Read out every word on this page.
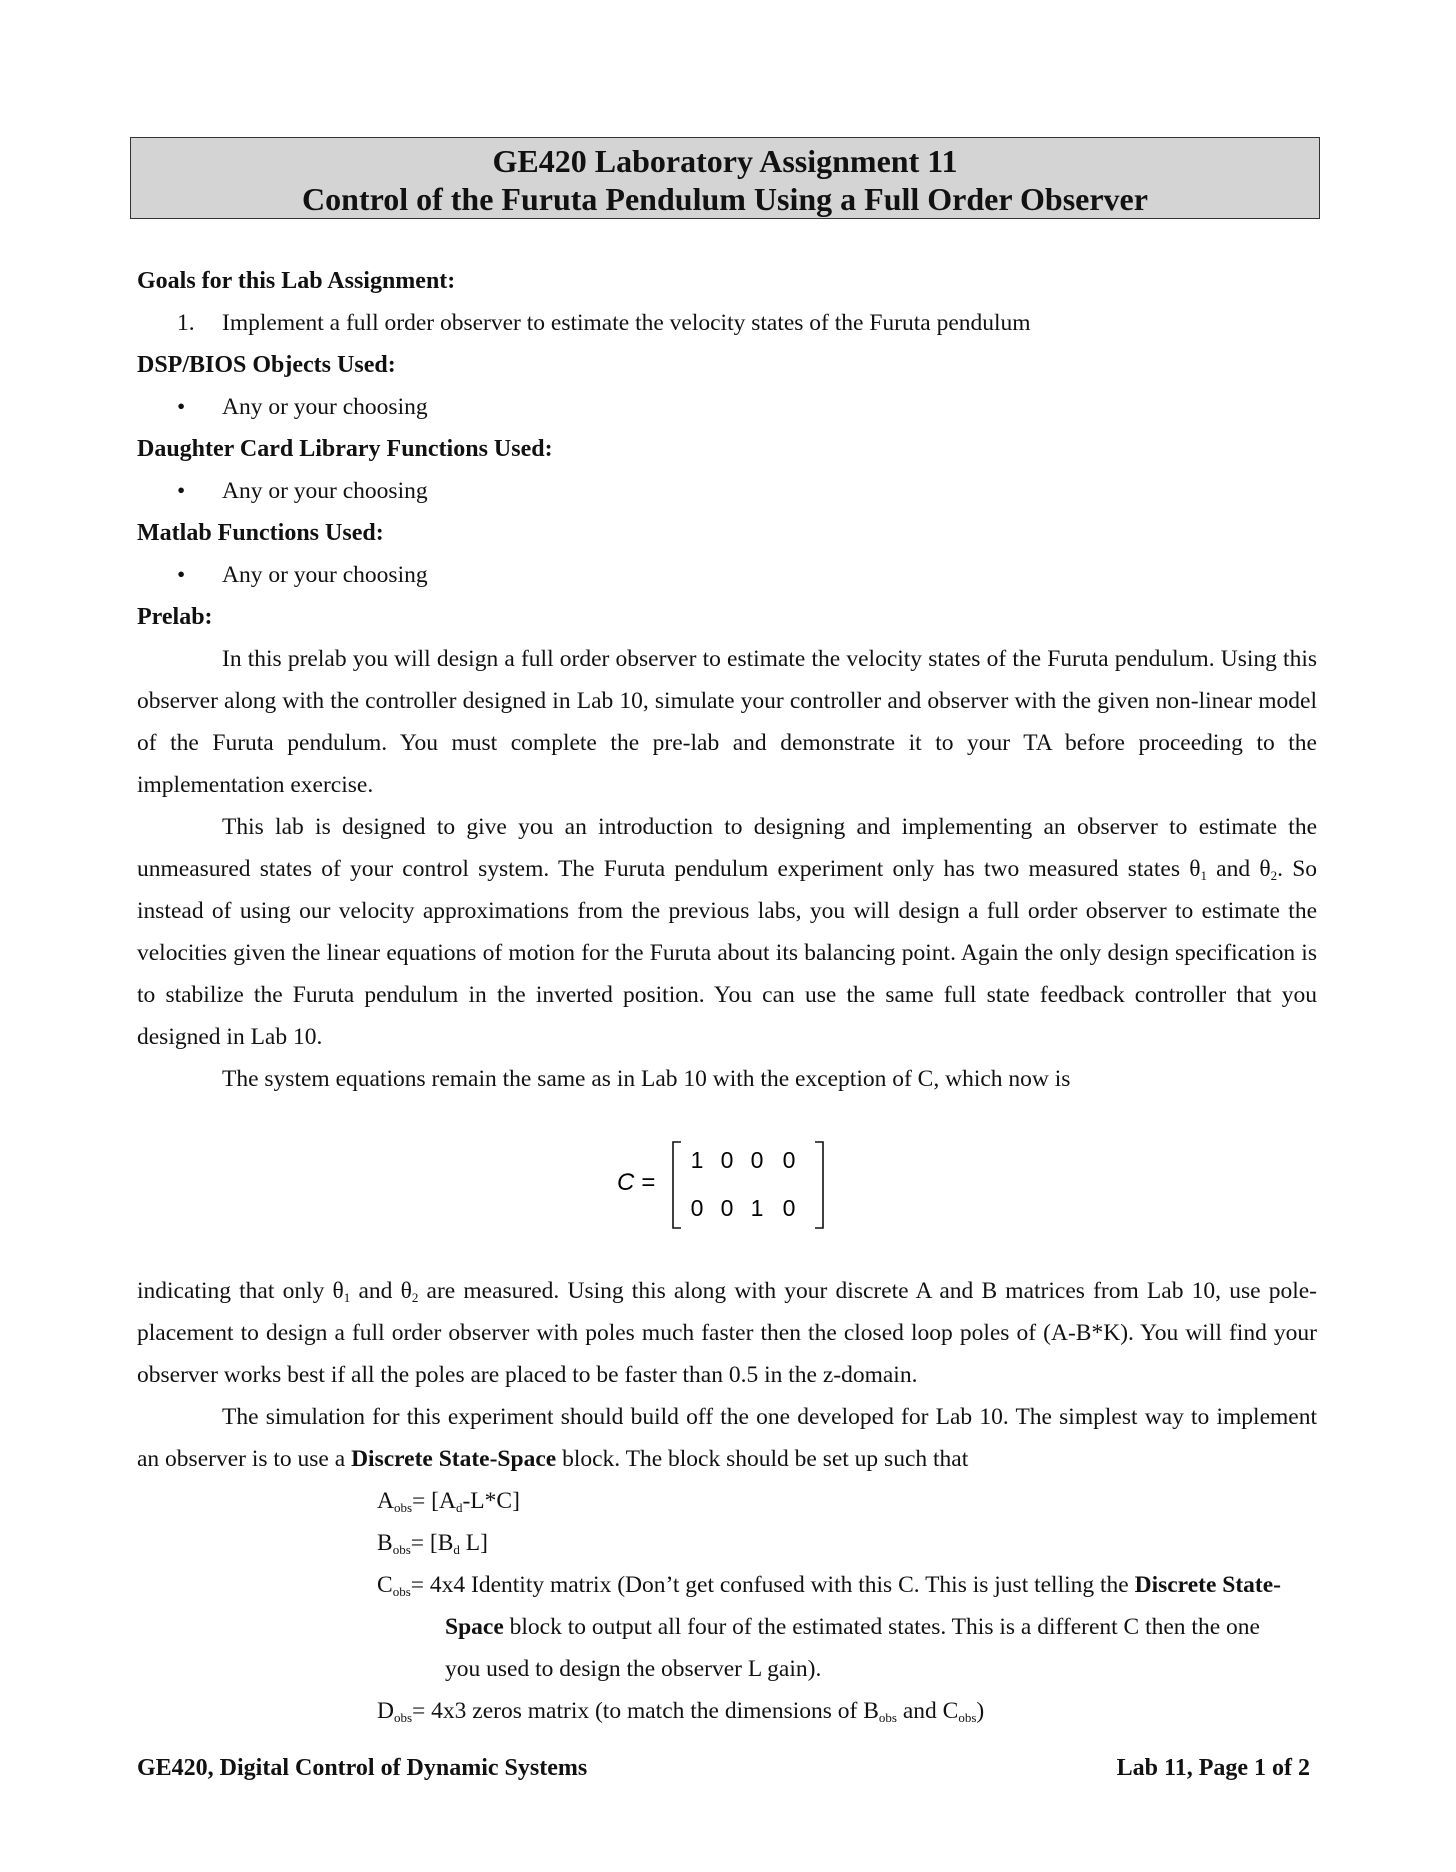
GE420 Laboratory Assignment 11
Control of the Furuta Pendulum Using a Full Order Observer
Goals for this Lab Assignment:
1. Implement a full order observer to estimate the velocity states of the Furuta pendulum
DSP/BIOS Objects Used:
• Any or your choosing
Daughter Card Library Functions Used:
• Any or your choosing
Matlab Functions Used:
• Any or your choosing
Prelab:

In this prelab you will design a full order observer to estimate the velocity states of the Furuta pendulum. Using this observer along with the controller designed in Lab 10, simulate your controller and observer with the given non-linear model of the Furuta pendulum. You must complete the pre-lab and demonstrate it to your TA before proceeding to the implementation exercise.

This lab is designed to give you an introduction to designing and implementing an observer to estimate the unmeasured states of your control system. The Furuta pendulum experiment only has two measured states $\theta_1$ and $\theta_2$. So instead of using our velocity approximations from the previous labs, you will design a full order observer to estimate the velocities given the linear equations of motion for the Furuta about its balancing point. Again the only design specification is to stabilize the Furuta pendulum in the inverted position. You can use the same full state feedback controller that you designed in Lab 10.

The system equations remain the same as in Lab 10 with the exception of C, which now is

C =
1 0 0 0
0 0 1 0

indicating that only $\theta_1$ and $\theta_2$ are measured. Using this along with your discrete A and B matrices from Lab 10, use pole-placement to design a full order observer with poles much faster then the closed loop poles of (A-B*K). You will find your observer works best if all the poles are placed to be faster than 0.5 in the z-domain.

The simulation for this experiment should build off the one developed for Lab 10. The simplest way to implement an observer is to use a Discrete State-Space block. The block should be set up such that

$A_{obs}= [A_d-L*C]$
$B_{obs}= [B_d$ L]
$C_{obs}= 4x4$ Identity matrix (Don’t get confused with this C. This is just telling the Discrete State-
Space block to output all four of the estimated states. This is a different C then the one
you used to design the observer L gain).
$D_{obs}= 4x3$ zeros matrix (to match the dimensions of $B_{obs}$ and $C_{obs}$)
GE420, Digital Control of Dynamic Systems	Lab 11, Page 1 of 2
